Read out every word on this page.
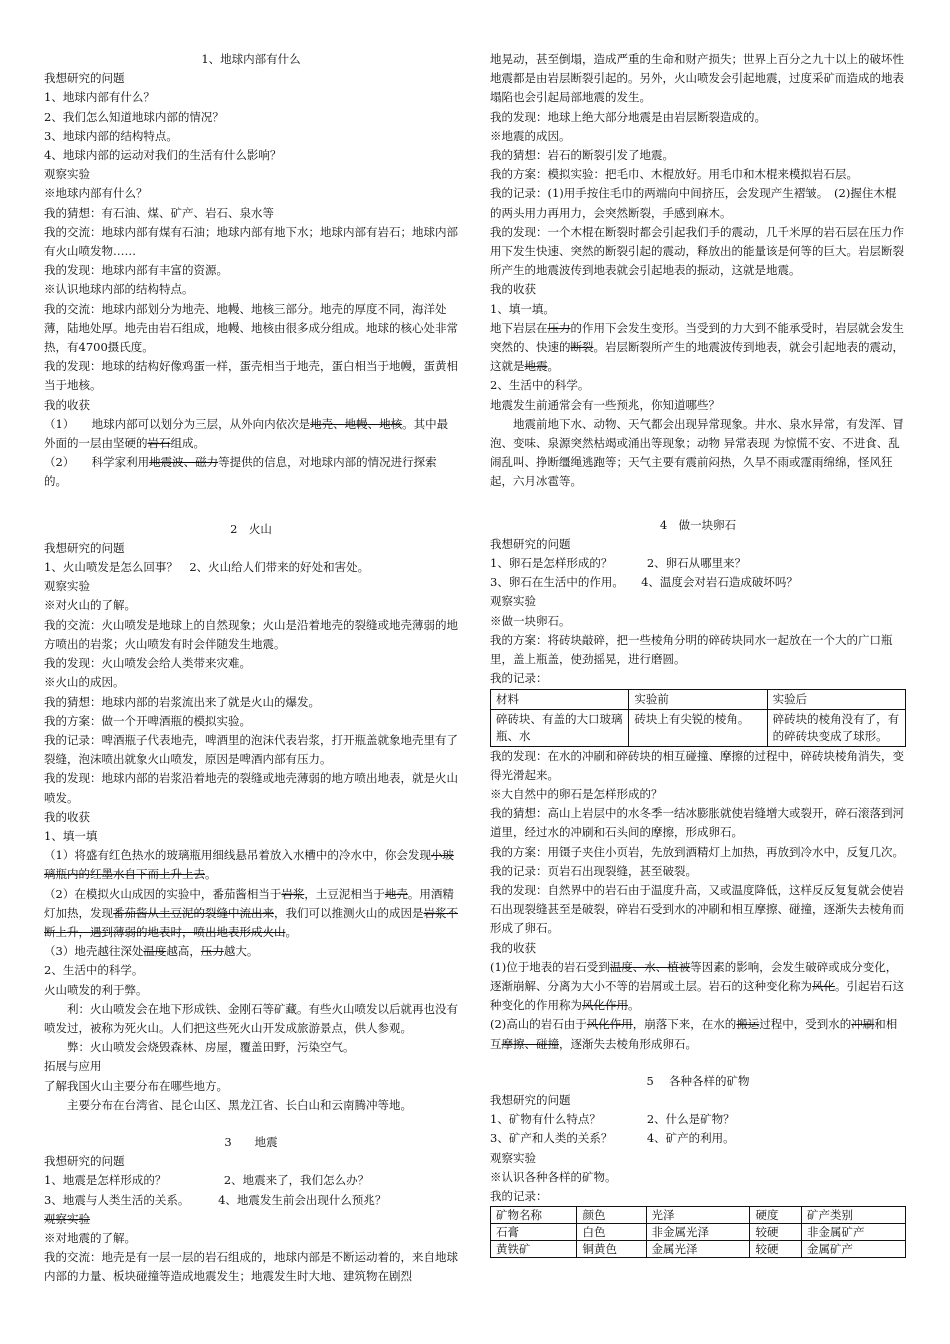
1、地球内部有什么

我想研究的问题

1、地球内部有什么？

2、我们怎么知道地球内部的情况？

3、地球内部的结构特点。

4、地球内部的运动对我们的生活有什么影响？

观察实验

※地球内部有什么？

我的猜想：有石油、煤、矿产、岩石、泉水等

我的交流：地球内部有煤有石油；地球内部有地下水；地球内部有岩石；地球内部有火山喷发物……

我的发现：地球内部有丰富的资源。

※认识地球内部的结构特点。

我的交流：地球内部划分为地壳、地幔、地核三部分。地壳的厚度不同，海洋处薄，陆地处厚。地壳由岩石组成，地幔、地核由很多成分组成。地球的核心处非常热，有4700摄氏度。

我的发现：地球的结构好像鸡蛋一样，蛋壳相当于地壳，蛋白相当于地幔，蛋黄相当于地核。

我的收获

（1）　　地球内部可以划分为三层，从外向内依次是地壳、地幔、地核。其中最外面的一层由坚硬的岩石组成。

（2）　　科学家利用地震波、磁力等提供的信息，对地球内部的情况进行探索的。

2　火山

我想研究的问题

1、火山喷发是怎么回事？　2、火山给人们带来的好处和害处。

观察实验

※对火山的了解。

我的交流：火山喷发是地球上的自然现象；火山是沿着地壳的裂缝或地壳薄弱的地方喷出的岩浆；火山喷发有时会伴随发生地震。

我的发现：火山喷发会给人类带来灾难。

※火山的成因。

我的猜想：地球内部的岩浆流出来了就是火山的爆发。

我的方案：做一个开啤酒瓶的模拟实验。

我的记录：啤酒瓶子代表地壳，啤酒里的泡沫代表岩浆，打开瓶盖就象地壳里有了裂缝，泡沫喷出就象火山喷发，原因是啤酒内部有压力。

我的发现：地球内部的岩浆沿着地壳的裂缝或地壳薄弱的地方喷出地表，就是火山喷发。

我的收获

1、填一填

（1）将盛有红色热水的玻璃瓶用细线悬吊着放入水槽中的冷水中，你会发现小玻璃瓶内的红墨水自下而上升上去。

（2）在模拟火山成因的实验中，番茄酱相当于岩浆，土豆泥相当于地壳。用酒精灯加热，发现番茄酱从土豆泥的裂缝中流出来，我们可以推测火山的成因是岩浆不断上升，遇到薄弱的地表时，喷出地表形成火山。

（3）地壳越往深处温度越高，压力越大。

2、生活中的科学。

火山喷发的利于弊。

利：火山喷发会在地下形成铁、金刚石等矿藏。有些火山喷发以后就再也没有喷发过，被称为死火山。人们把这些死火山开发成旅游景点，供人参观。

弊：火山喷发会烧毁森林、房屋，覆盖田野，污染空气。

拓展与应用

了解我国火山主要分布在哪些地方。

主要分布在台湾省、昆仑山区、黑龙江省、长白山和云南腾冲等地。

3　　地震

我想研究的问题

1、地震是怎样形成的？　　　　　2、地震来了，我们怎么办？

3、地震与人类生活的关系。　　　4、地震发生前会出现什么预兆？

观察实验

※对地震的了解。

我的交流：地壳是有一层一层的岩石组成的，地球内部是不断运动着的，来自地球内部的力量、板块碰撞等造成地震发生；地震发生时大地、建筑物在剧烈

地晃动，甚至倒塌，造成严重的生命和财产损失；世界上百分之九十以上的破坏性地震都是由岩层断裂引起的。另外，火山喷发会引起地震，过度采矿而造成的地表塌陷也会引起局部地震的发生。

我的发现：地球上绝大部分地震是由岩层断裂造成的。

※地震的成因。

我的猜想：岩石的断裂引发了地震。

我的方案：模拟实验：把毛巾、木棍放好。用毛巾和木棍来模拟岩石层。

我的记录：(1)用手按住毛巾的两端向中间挤压，会发现产生褶皱。　(2)握住木棍的两头用力再用力，会突然断裂，手感到麻木。

我的发现：一个木棍在断裂时都会引起我们手的震动，几千米厚的岩石层在压力作用下发生快速、突然的断裂引起的震动，释放出的能量该是何等的巨大。岩层断裂所产生的地震波传到地表就会引起地表的振动，这就是地震。

我的收获

1、填一填。

地下岩层在压力的作用下会发生变形。当受到的力大到不能承受时，岩层就会发生突然的、快速的断裂。岩层断裂所产生的地震波传到地表，就会引起地表的震动，这就是地震。

2、生活中的科学。

地震发生前通常会有一些预兆，你知道哪些？

地震前地下水、动物、天气都会出现异常现象。井水、泉水异常，有发浑、冒泡、变味、泉源突然枯竭或涌出等现象；动物 异常表现 为惊慌不安、不进食、乱闹乱叫、挣断缰绳逃跑等；天气主要有震前闷热，久旱不雨或霪雨绵绵，怪风狂起，六月冰雹等。

4　做一块卵石

我想研究的问题

1、卵石是怎样形成的？　　　2、卵石从哪里来？

3、卵石在生活中的作用。　　4、温度会对岩石造成破坏吗？

观察实验

※做一块卵石。

我的方案：将砖块敲碎，把一些棱角分明的碎砖块同水一起放在一个大的广口瓶里，盖上瓶盖，使劲摇晃，进行磨圆。

我的记录：

材料	实验前	实验后
碎砖块、有盖的大口玻璃瓶、水	砖块上有尖锐的棱角。	碎砖块的棱角没有了，有的碎砖块变成了球形。

我的发现：在水的冲刷和碎砖块的相互碰撞、摩擦的过程中，碎砖块棱角消失，变得光滑起来。

※大自然中的卵石是怎样形成的？

我的猜想：高山上岩层中的水冬季一结冰膨胀就使岩缝增大或裂开，碎石滚落到河道里，经过水的冲刷和石头间的摩擦，形成卵石。

我的方案：用镊子夹住小页岩，先放到酒精灯上加热，再放到冷水中，反复几次。

我的记录：页岩石出现裂缝，甚至破裂。

我的发现：自然界中的岩石由于温度升高，又或温度降低，这样反反复复就会使岩石出现裂缝甚至是破裂，碎岩石受到水的冲刷和相互摩擦、碰撞，逐渐失去棱角而形成了卵石。

我的收获

(1)位于地表的岩石受到温度、水、植被等因素的影响，会发生破碎或成分变化，逐渐崩解、分离为大小不等的岩屑或土层。岩石的这种变化称为风化。引起岩石这种变化的作用称为风化作用。

(2)高山的岩石由于风化作用，崩落下来，在水的搬运过程中，受到水的冲刷和相互摩擦、碰撞，逐渐失去棱角形成卵石。

5　 各种各样的矿物

我想研究的问题

1、矿物有什么特点？　　　　2、什么是矿物？

3、矿产和人类的关系？　　　4、矿产的利用。

观察实验

※认识各种各样的矿物。

我的记录：

矿物名称	颜色	光泽	硬度	矿产类别
石膏	白色	非金属光泽	较硬	非金属矿产
黄铁矿	铜黄色	金属光泽	较硬	金属矿产
